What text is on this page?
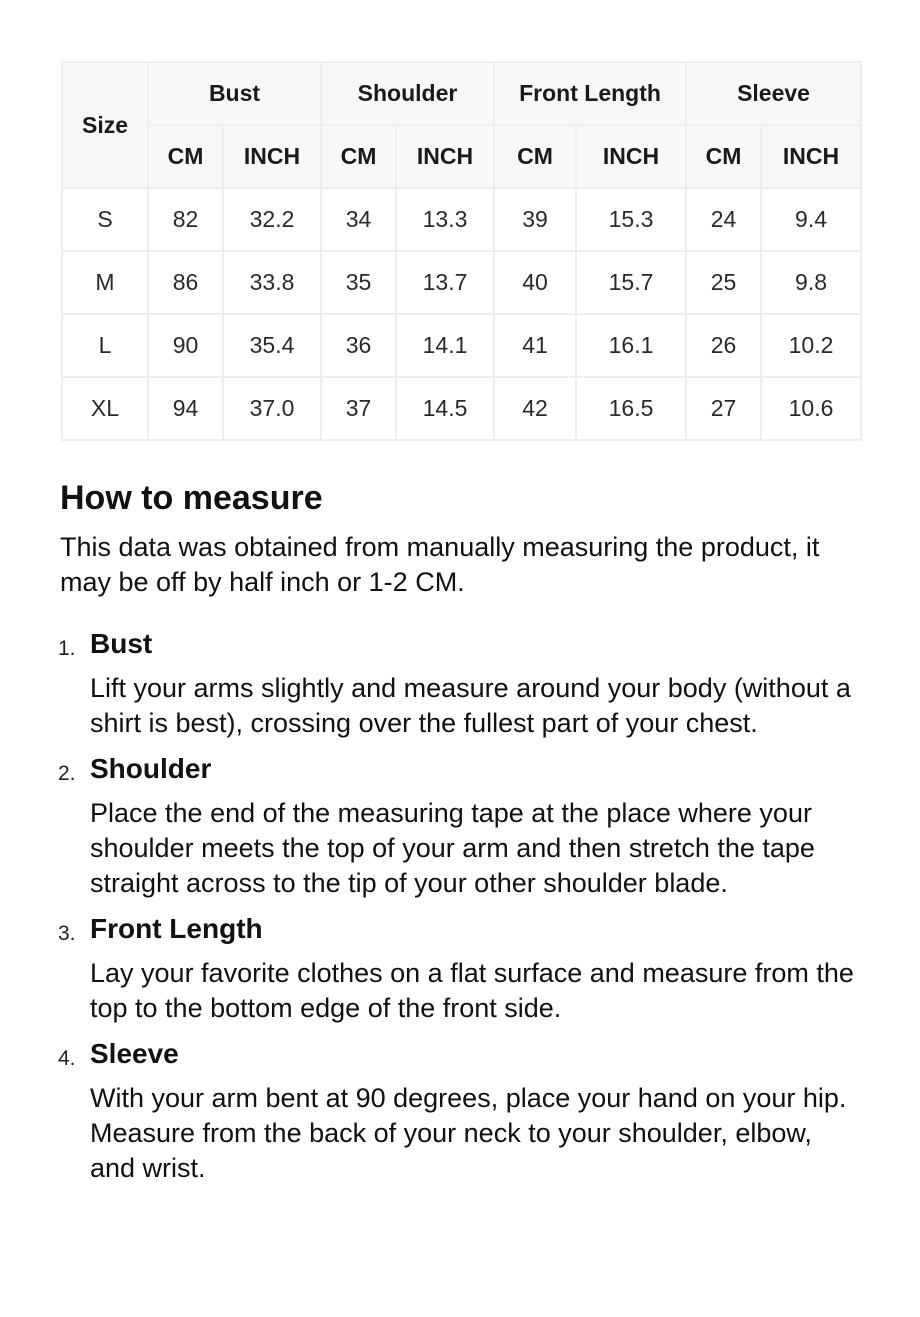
Size	Bust		Shoulder		Front Length		Sleeve	
	CM	INCH	CM	INCH	CM	INCH	CM	INCH
S	82	32.2	34	13.3	39	15.3	24	9.4
M	86	33.8	35	13.7	40	15.7	25	9.8
L	90	35.4	36	14.1	41	16.1	26	10.2
XL	94	37.0	37	14.5	42	16.5	27	10.6
How to measure

This data was obtained from manually measuring the product, it may be off by half inch or 1-2 CM.

1. Bust
Lift your arms slightly and measure around your body (without a shirt is best), crossing over the fullest part of your chest.
2. Shoulder
Place the end of the measuring tape at the place where your shoulder meets the top of your arm and then stretch the tape straight across to the tip of your other shoulder blade.
3. Front Length
Lay your favorite clothes on a flat surface and measure from the top to the bottom edge of the front side.
4. Sleeve
With your arm bent at 90 degrees, place your hand on your hip. Measure from the back of your neck to your shoulder, elbow, and wrist.
